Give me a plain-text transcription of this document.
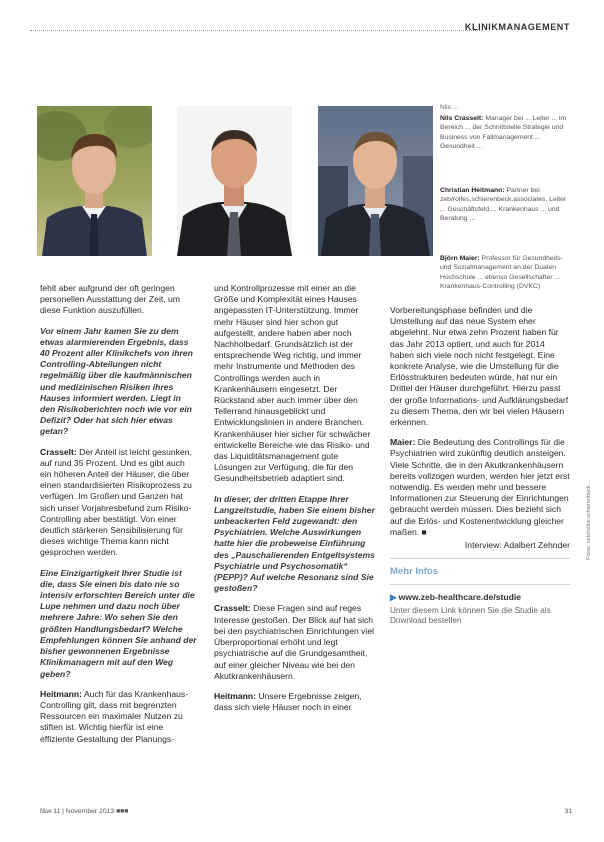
KLINIKMANAGEMENT
Nils ...
Nils Crasselt: Manager bei ... Leiter ... im Bereich ... der Schnittstelle Strategie und Business von Fallmanagement ... Gesundheit ...
Christian Heitmann: Partner bei zeb/rolfes.schierenbeck.associates, Leiter ... Geschäftsfeld ... Krankenhaus ... und Beratung ...
Björn Maier: Professor für Gesundheits- und Sozialmanagement an der Dualen Hochschule ... ebenso Gesellschafter ... Krankenhaus-Controlling (DVKC)

fehlt aber aufgrund der oft geringen personellen Ausstattung der Zeit, um diese Funktion auszufüllen.

Vor einem Jahr kamen Sie zu dem etwas alarmierenden Ergebnis, dass 40 Prozent aller Klinikchefs von ihren Controlling-Abteilungen nicht regelmäßig über die kaufmännischen und medizinischen Risiken ihres Hauses informiert werden. Liegt in den Risikoberichten noch wie vor ein Defizit? Oder hat sich hier etwas getan?

Crasselt: Der Anteil ist leicht gesunken, auf rund 35 Prozent. Und es gibt auch ein höheren Anteil der Häuser, die über einen standardisierten Risikoprozess zu verfügen. Im Großen und Ganzen hat sich unser Vorjahresbefund zum Risiko-Controlling aber bestätigt. Von einer deutlich stärkeren Sensibilisierung für dieses wichtige Thema kann nicht gesprochen werden.

Eine Einzigartigkeit Ihrer Studie ist die, dass Sie einen bis dato nie so intensiv erforschten Bereich unter die Lupe nehmen und dazu noch über mehrere Jahre: Wo sehen Sie den größten Handlungsbedarf? Welche Empfehlungen können Sie anhand der bisher gewonnenen Ergebnisse Klinikmanagern mit auf den Weg geben?

Heitmann: Auch für das Krankenhaus-Controlling gilt, dass mit begrenzten Ressourcen ein maximaler Nutzen zu stiften ist. Wichtig hierfür ist eine effiziente Gestaltung der Planungs-

und Kontrollprozesse mit einer an die Größe und Komplexität eines Hauses angepassten IT-Unterstützung. Immer mehr Häuser sind hier schon gut aufgestellt, andere haben aber noch Nachholbedarf. Grundsätzlich ist der entsprechende Weg richtig, und immer mehr Instrumente und Methoden des Controllings werden auch in Krankenhäusern eingesetzt. Der Rückstand aber auch immer über den Tellerrand hinausgeblickt und Entwicklungslinien in andere Branchen. Krankenhäuser hier sicher für schwächer entwickelte Bereiche wie das Risiko- und das Liquiditätsmanagement gute Lösungen zur Verfügung, die für den Gesundheitsbetrieb adaptiert sind.

In dieser, der dritten Etappe Ihrer Langzeitstudie, haben Sie einem bisher unbeackerten Feld zugewandt: den Psychiatrien. Welche Auswirkungen hatte hier die probeweise Einführung des „Pauschalierenden Entgeltsystems Psychiatrie und Psychosomatik“ (PEPP)? Auf welche Resonanz sind Sie gestoßen?

Crasselt: Diese Fragen sind auf reges Interesse gestoßen. Der Blick auf hat sich bei den psychiatrischen Einrichtungen viel Überproportional erhöht und legt psychiatrische auf die Grundgesamtheit, auf einer gleicher Niveau wie bei den Akutkrankenhäusern.

Heitmann: Unsere Ergebnisse zeigen, dass sich viele Häuser noch in einer

Vorbereitungsphase befinden und die Umstellung auf das neue System eher abgelehnt. Nur etwa zehn Prozent haben für das Jahr 2013 optiert, und auch für 2014 haben sich viele noch nicht festgelegt. Eine konkrete Analyse, wie die Umstellung für die Erlösstrukturen bedeuten würde, hat nur ein Drittel der Häuser durchgeführt. Hierzu passt der große Informations- und Aufklärungsbedarf zu diesem Thema, den wir bei vielen Häusern erkennen.

Maier: Die Bedeutung des Controllings für die Psychiatrien wird zukünftig deutlich ansteigen. Viele Schritte, die in den Akutkrankenhäusern bereits vollzogen wurden, werden hier jetzt erst notwendig. Es werden mehr und bessere Informationen zur Steuerung der Einrichtungen gebraucht werden müssen. Dies bezieht sich auf die Erlös- und Kostenentwicklung gleicher maßen. ■

Interview: Adalbert Zehnder

Mehr Infos
▶ www.zeb-healthcare.de/studie
Unter diesem Link können Sie die Studie als Download bestellen
Fotos: zeb/rolfes.schierenbeck...
f&w 11 | November 2013 ■■■	31
